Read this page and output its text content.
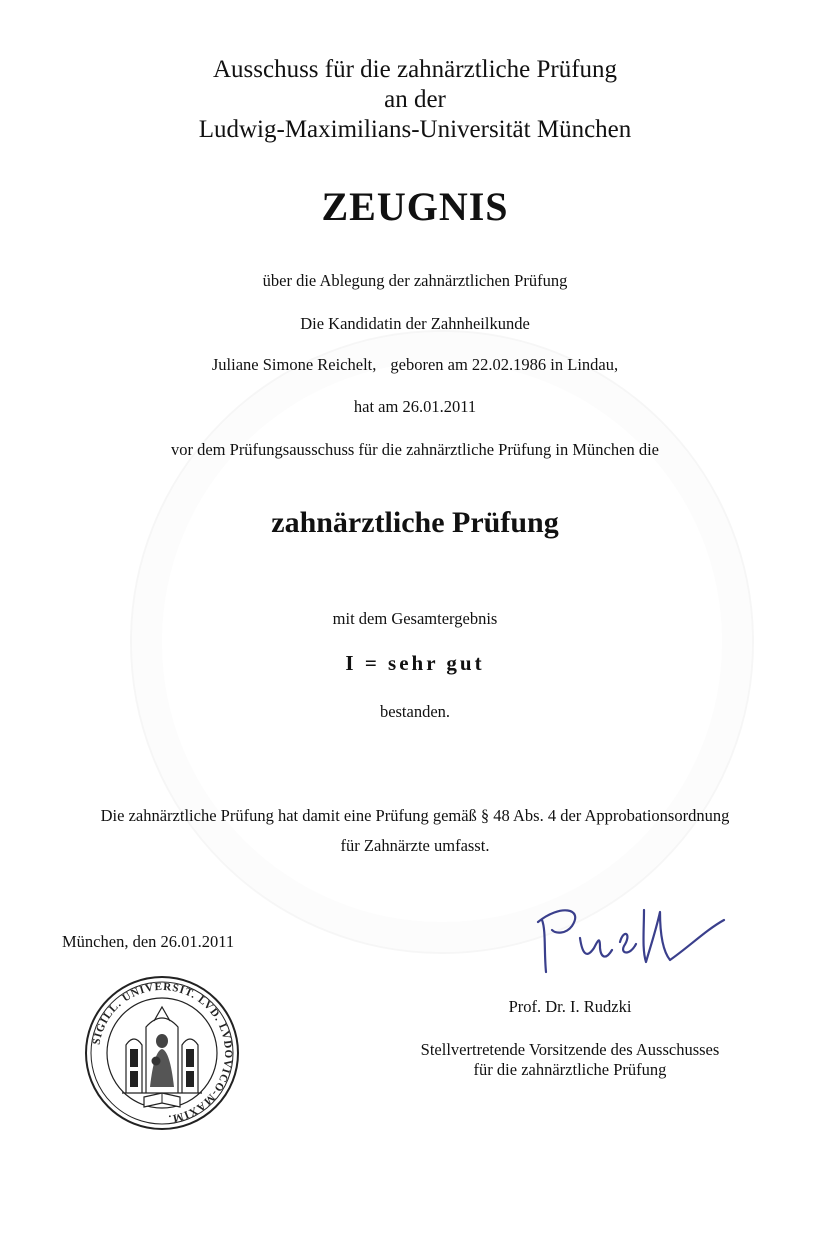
Ausschuss für die zahnärztliche Prüfung
an der
Ludwig-Maximilians-Universität München
ZEUGNIS
über die Ablegung der zahnärztlichen Prüfung
Die Kandidatin der Zahnheilkunde
Juliane Simone Reichelt, geboren am 22.02.1986 in Lindau,
hat am 26.01.2011
vor dem Prüfungsausschuss für die zahnärztliche Prüfung in München die
zahnärztliche Prüfung
mit dem Gesamtergebnis
I = sehr gut
bestanden.
Die zahnärztliche Prüfung hat damit eine Prüfung gemäß § 48 Abs. 4 der Approbationsordnung
für Zahnärzte umfasst.
München, den 26.01.2011
Prof. Dr. I. Rudzki
Stellvertretende Vorsitzende des Ausschusses
für die zahnärztliche Prüfung
SIGILL. UNIVERSIT. LVD. LVDOVICO-MAXIM.
